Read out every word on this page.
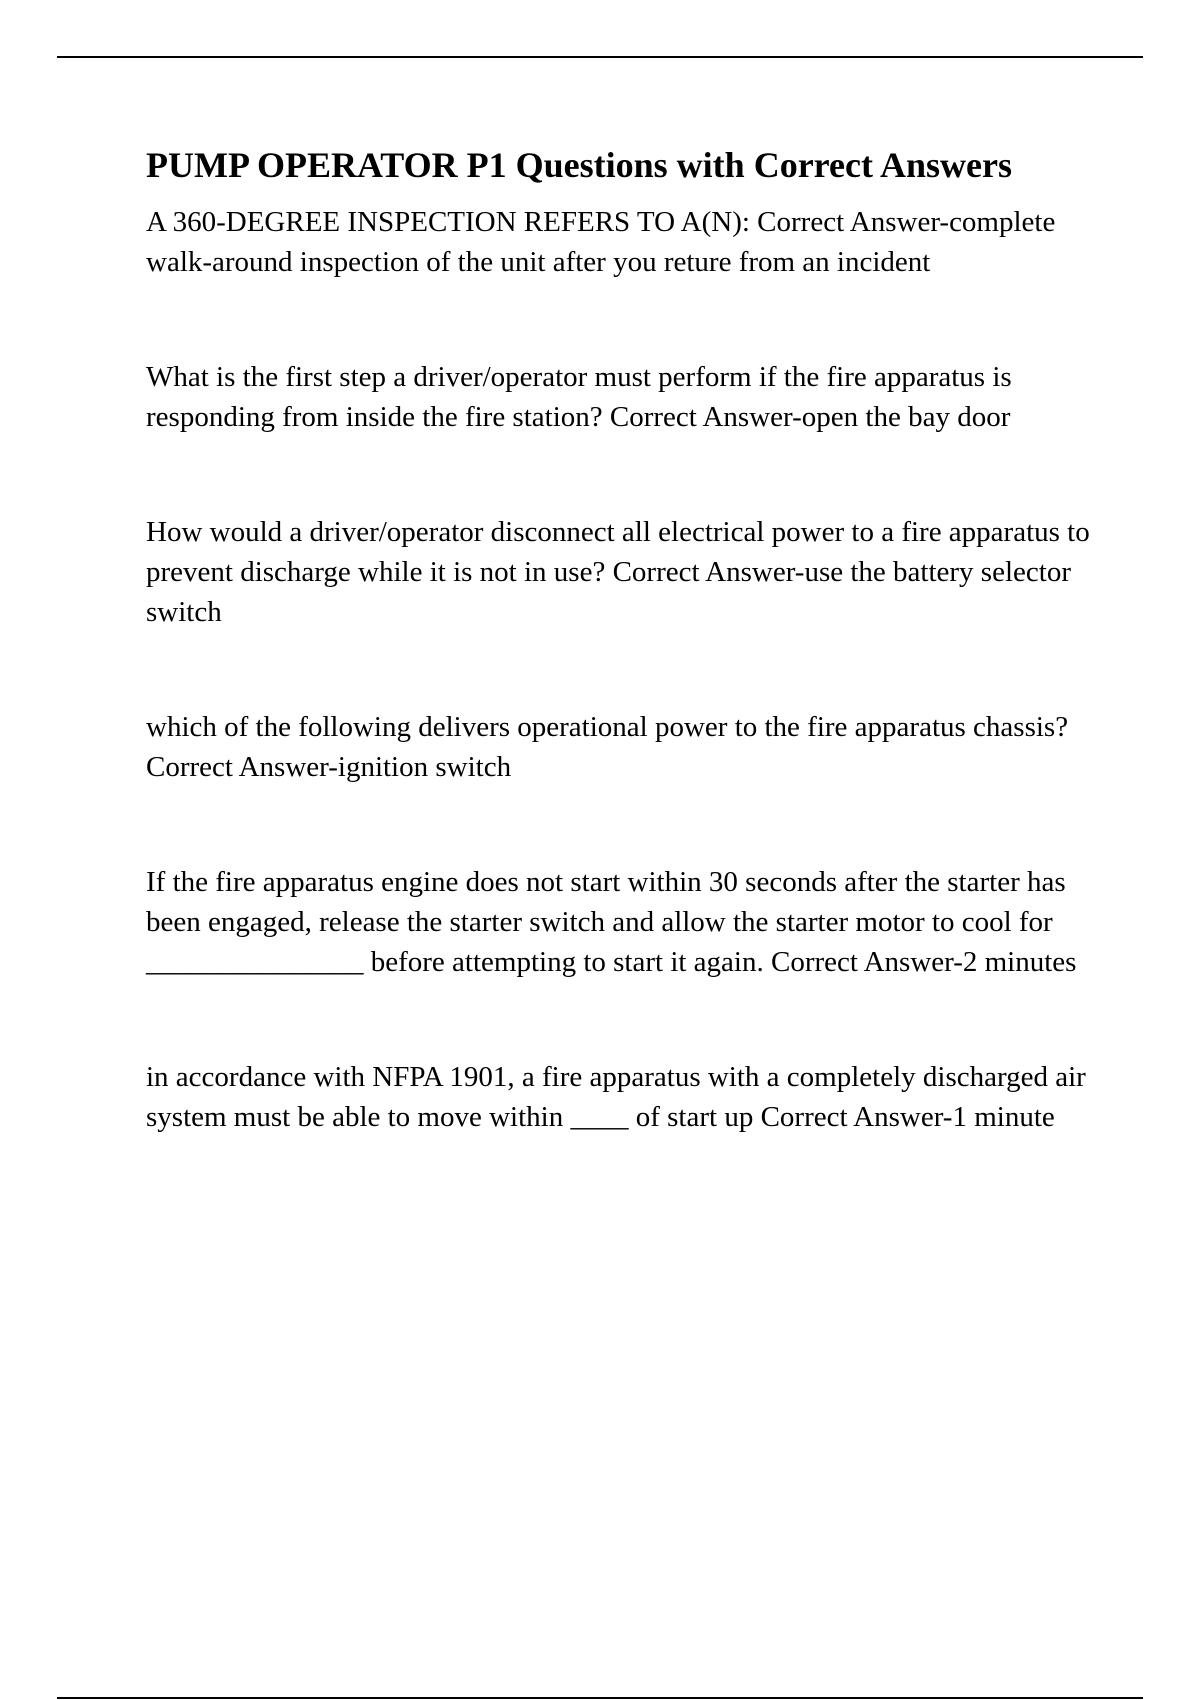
PUMP OPERATOR P1 Questions with Correct Answers

A 360-DEGREE INSPECTION REFERS TO A(N): Correct Answer-complete walk-around inspection of the unit after you reture from an incident

What is the first step a driver/operator must perform if the fire apparatus is responding from inside the fire station? Correct Answer-open the bay door

How would a driver/operator disconnect all electrical power to a fire apparatus to prevent discharge while it is not in use? Correct Answer-use the battery selector switch

which of the following delivers operational power to the fire apparatus chassis? Correct Answer-ignition switch

If the fire apparatus engine does not start within 30 seconds after the starter has been engaged, release the starter switch and allow the starter motor to cool for _______________ before attempting to start it again. Correct Answer-2 minutes

in accordance with NFPA 1901, a fire apparatus with a completely discharged air system must be able to move within ____ of start up Correct Answer-1 minute
